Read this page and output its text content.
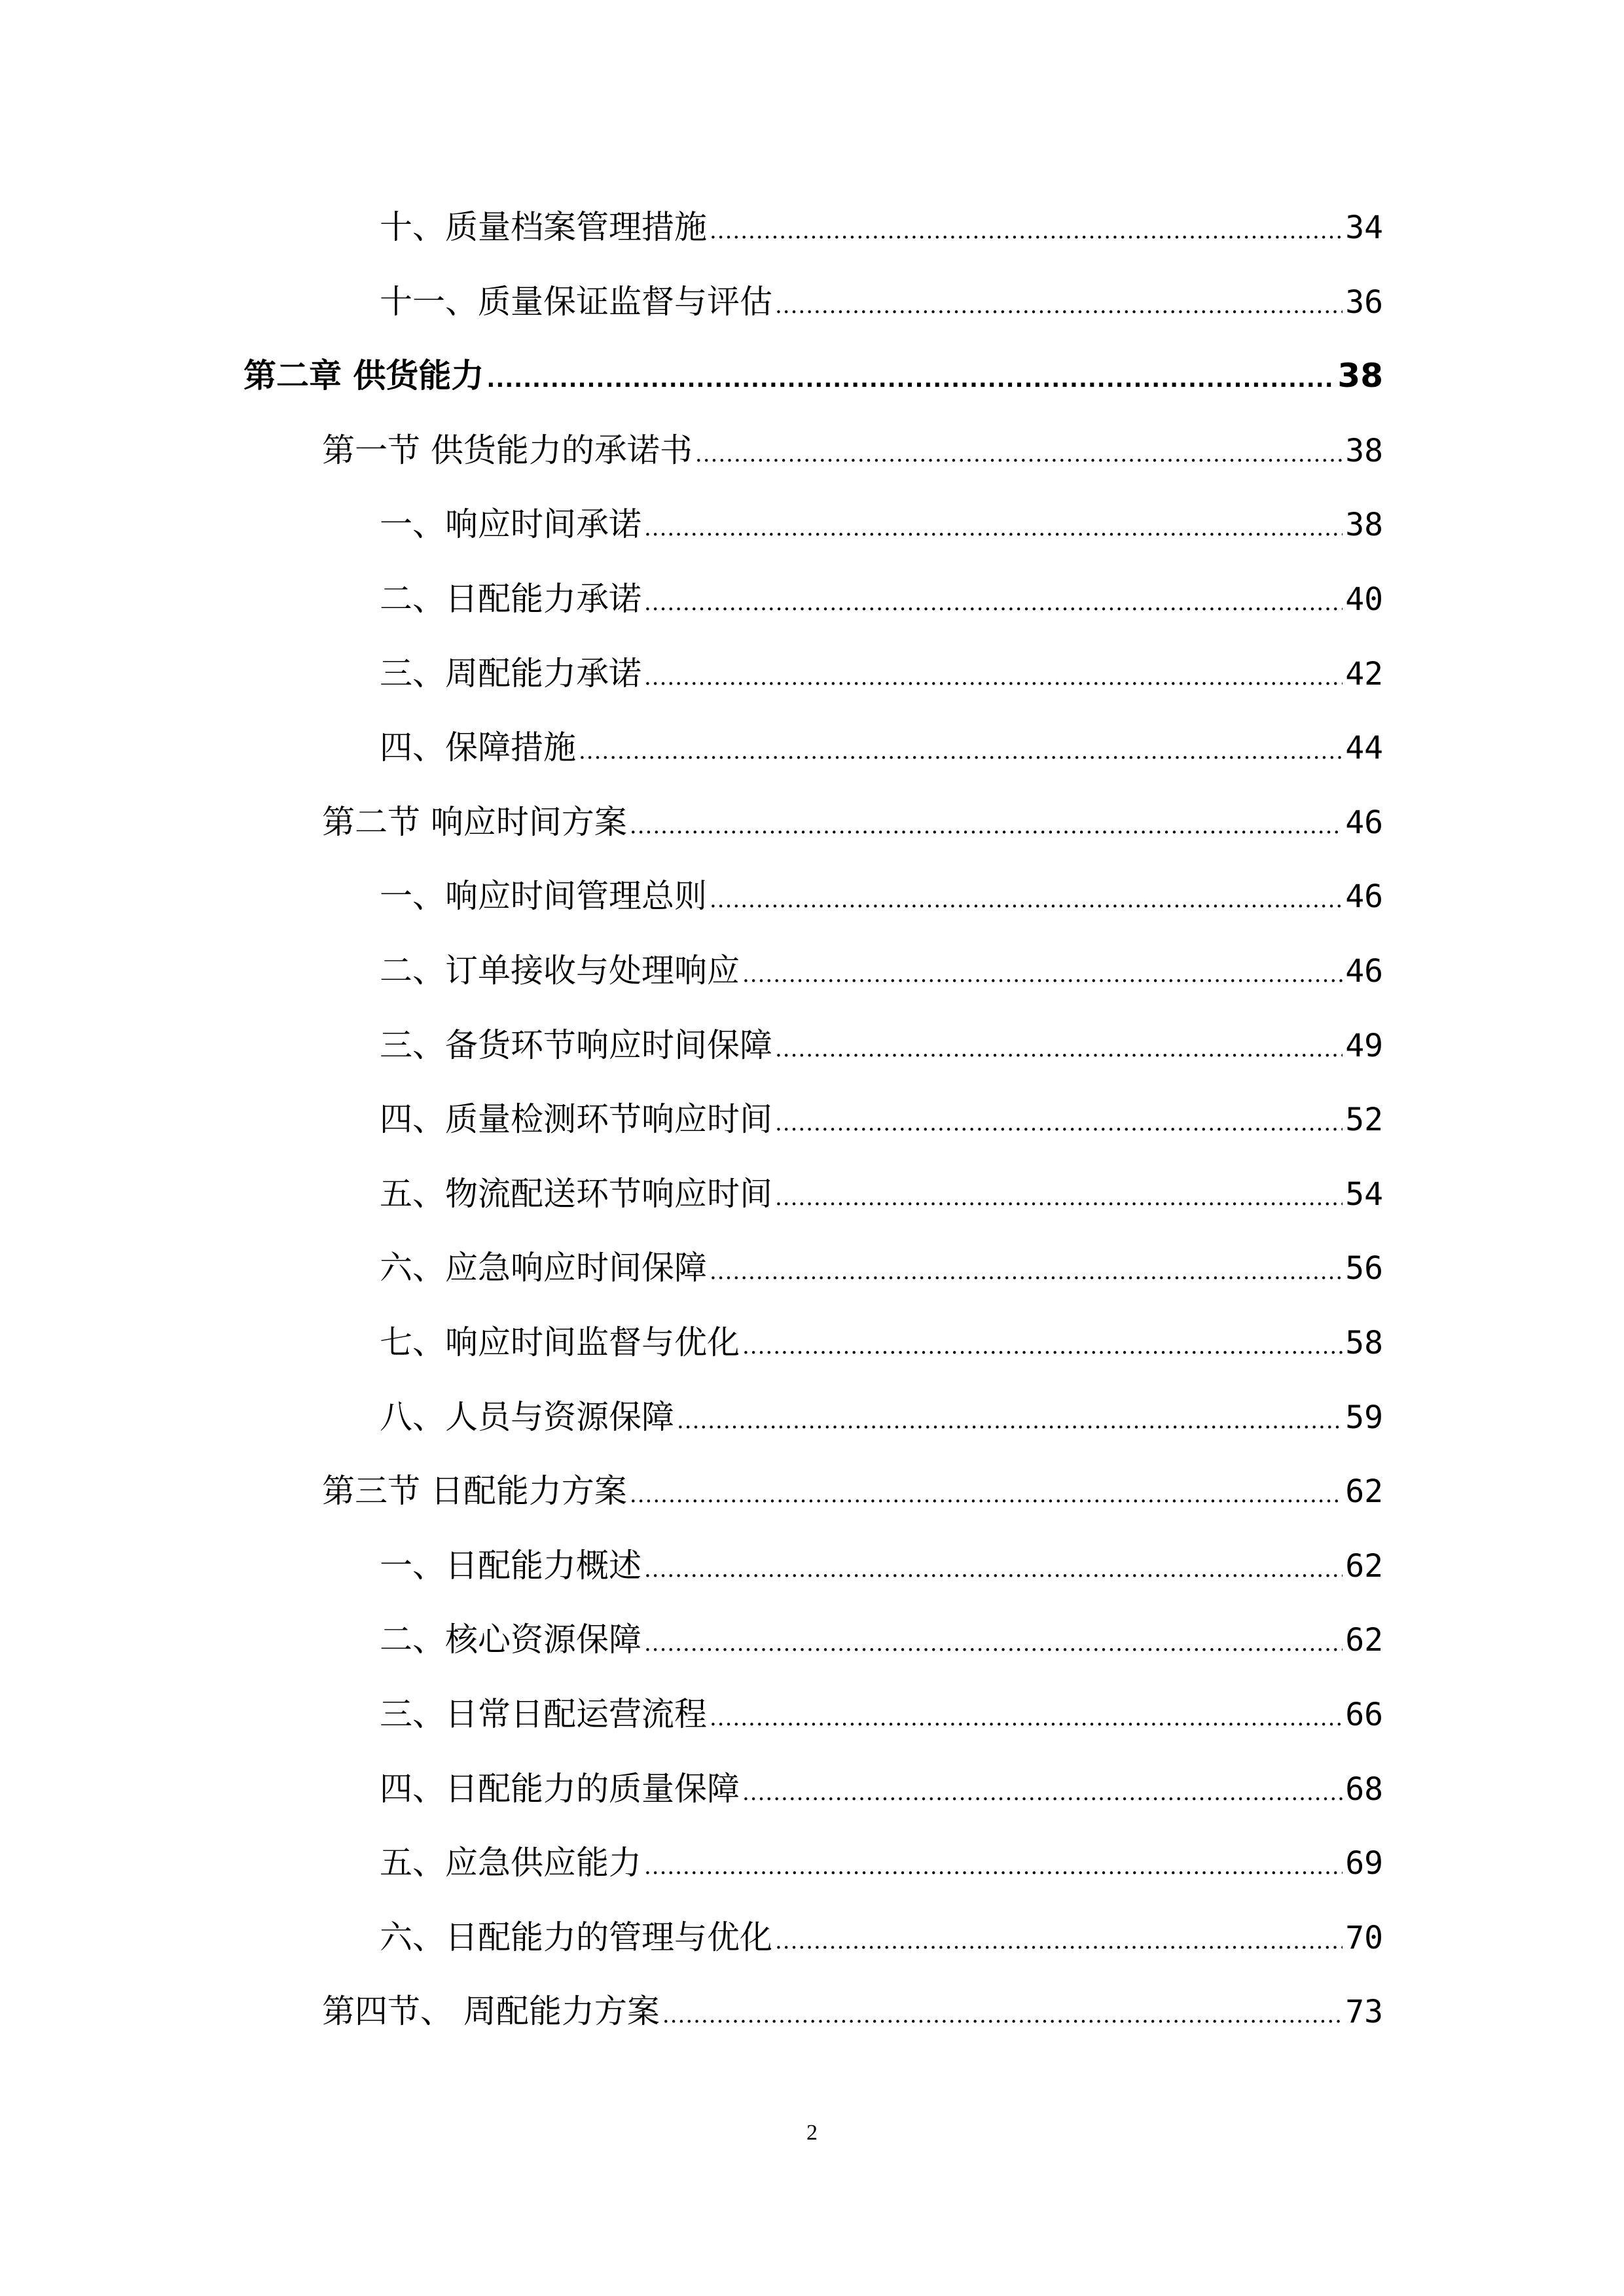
十、质量档案管理措施 .....	34
十一、质量保证监督与评估 .....	36
第二章 供货能力 .....	38
第一节 供货能力的承诺书 .....	38
一、响应时间承诺 .....	38
二、日配能力承诺 .....	40
三、周配能力承诺 .....	42
四、保障措施 .....	44
第二节 响应时间方案 .....	46
一、响应时间管理总则 .....	46
二、订单接收与处理响应 .....	46
三、备货环节响应时间保障 .....	49
四、质量检测环节响应时间 .....	52
五、物流配送环节响应时间 .....	54
六、应急响应时间保障 .....	56
七、响应时间监督与优化 .....	58
八、人员与资源保障 .....	59
第三节 日配能力方案 .....	62
一、日配能力概述 .....	62
二、核心资源保障 .....	62
三、日常日配运营流程 .....	66
四、日配能力的质量保障 .....	68
五、应急供应能力 .....	69
六、日配能力的管理与优化 .....	70
第四节、 周配能力方案 .....	73
2
